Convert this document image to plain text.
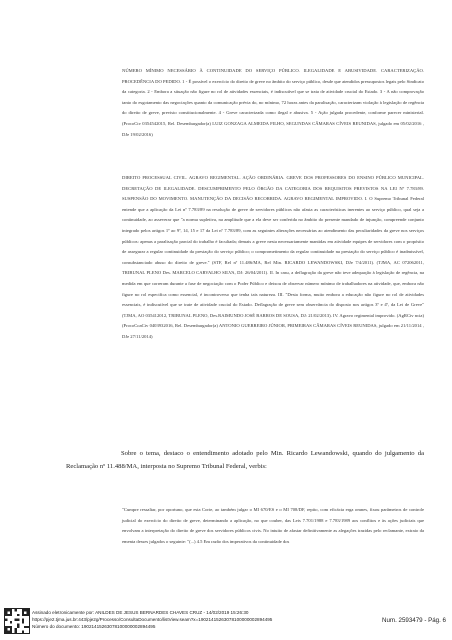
NÚMERO MÍNIMO NECESSÁRIO À CONTINUIDADE DO SERVIÇO PÚBLICO. ILEGALIDADE E ABUSIVIDADE. CARACTERIZAÇÃO. PROCEDÊNCIA DO PEDIDO. 1 - É possível o exercício do direito de greve no âmbito do serviço público, desde que atendidos pressupostos legais pelo Sindicato da categoria. 2 - Embora a situação não figure no rol de atividades essenciais, é indiscutível que se trata de atividade crucial do Estado. 3 - A não comprovação tanto do esgotamento das negociações quanto da comunicação prévia do, no mínimo, 72 horas antes da paralisação, caracterizam violação à legislação de regência do direito de greve, previsto constitucionalmente. 4 - Greve caracterizada como ilegal e abusiva. 5 - Ação julgada procedente, conforme parecer ministerial. (ProcoCiv 0354542015, Rel. Desembargador(a) LUIZ GONZAGA ALMEIDA FILHO, SEGUNDAS CÂMARAS CÍVEIS REUNIDAS, julgado em 05/02/2016 , DJe 19/02/2016)
DIREITO PROCESSUAL CIVIL. AGRAVO REGIMENTAL. AÇÃO ORDINÁRIA. GREVE DOS PROFESSORES DO ENSINO PÚBLICO MUNICIPAL. DECRETAÇÃO DE ILEGALIDADE. DESCUMPRIMENTO PELO ÓRGÃO DA CATEGORIA DOS REQUISITOS PREVISTOS NA LEI Nº 7.783/89. SUSPENSÃO DO MOVIMENTO. MANUTENÇÃO DA DECISÃO RECORRIDA. AGRAVO REGIMENTAL IMPROVIDO. I. O Supremo Tribunal Federal entende que a aplicação da Lei nº 7.783/89 na resolução de greve de servidores públicos não afasta as características inerentes ao serviço público, qual seja a continuidade, ao asseverar que "a norma supletiva, na amplitude que a ela deve ser conferida no âmbito do presente mandado de injunção, compreende conjunto integrado pelos artigos 1º ao 9º, 14, 15 e 17 da Lei nº 7.783/89, com as seguintes alterações necessárias ao atendimento das peculiaridades da greve nos serviços públicos: apenas a paralisação parcial do trabalho é facultada; demais a greve nesta necessariamente mantidas em atividade equipes de servidores com o propósito de assegurar a regular continuidade da prestação do serviço público; o comprometimento da regular continuidade na prestação do serviço público é inadmissível, consubstanciado abuso do direito de greve." (STF, Rel nº 11.486/MA, Rel Min. RICARDO LEWANDOWSKI, DJe 7/4/2011). (TJMA, AC 072062011, TRIBUNAL PLENO Des. MARCELO CARVALHO SILVA, DJ: 26/04/2011). II. In casu, a deflagração da greve não teve adequação à legislação de regência, na medida em que correram durante a fase de negociação com o Poder Público e deixou de observar número mínimo de trabalhadores na atividade, que, embora não figure no rol especifica como essencial, é incontroverso que tenha tais natureza. III. "Desta forma, muito embora a educação não figure no rol de atividades essenciais, é indiscutível que se trate de atividade crucial do Estado. Deflagração de greve sem observância do disposto nos artigos 3º e 4º, da Lei de Greve" (TJMA, AO 035412012, TRIBUNAL PLENO, Des.RAIMUNDO JOSÉ BARROS DE SOUSA, DJ: 21/02/2013). IV. Agravo regimental improvido. (AgRCiv ncia) (ProcoCoaCiv 0403932016, Rel. Desembargador(a) ANTONIO GUERREIRO JÚNIOR, PRIMEIRAS CÂMARAS CÍVEIS REUNIDAS, julgado em 21/11/2014 , DJe 27/11/2014)
Sobre o tema, destaco o entendimento adotado pelo Min. Ricardo Lewandowski, quando do julgamento da Reclamação nº 11.488/MA, interposta no Supremo Tribunal Federal, verbis:
"Cumpre ressaltar, por oportuno, que esta Corte, ao também julgar o MI 670/ES e o MI 708/DF, repito, com eficácia erga omnes, fixou parâmetros de controle judicial do exercício do direito de greve, determinando a aplicação, no que couber, das Leis 7.701/1988 e 7.783/1989 aos conflitos e às ações judiciais que envolvam a interpretação do direito de greve dos servidores públicos civis. No intuito de afastar definitivamente as alegações trazidas pelo reclamante, extraio da ementa desses julgados o seguinte: "(...) 4.5 Em razão dos imperativos da continuidade dos
Assinado eletronicamente por: ANILDES DE JESUS BERNARDES CHAVES CRUZ - 14/02/2019 15:26:30
https://pje2.tjma.jus.br:443/pje2g/Processo/ConsultaDocumento/listView.seam?x=19021415263078100000002894495
Número do documento: 19021415263078100000002894495
Num. 2593479 - Pág. 6
